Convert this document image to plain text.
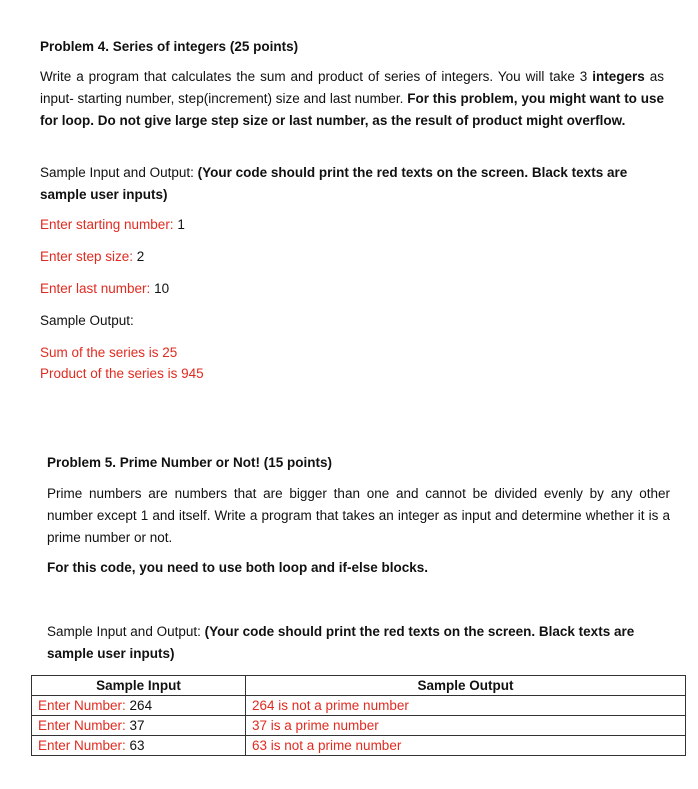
Problem 4. Series of integers (25 points)
Write a program that calculates the sum and product of series of integers. You will take 3 integers as input- starting number, step(increment) size and last number. For this problem, you might want to use for loop. Do not give large step size or last number, as the result of product might overflow.
Sample Input and Output: (Your code should print the red texts on the screen. Black texts are sample user inputs)
Enter starting number: 1
Enter step size: 2
Enter last number: 10
Sample Output:
Sum of the series is 25
Product of the series is 945
Problem 5. Prime Number or Not! (15 points)
Prime numbers are numbers that are bigger than one and cannot be divided evenly by any other number except 1 and itself. Write a program that takes an integer as input and determine whether it is a prime number or not.
For this code, you need to use both loop and if-else blocks.
Sample Input and Output: (Your code should print the red texts on the screen. Black texts are sample user inputs)
Sample Input	Sample Output
Enter Number: 264	264 is not a prime number
Enter Number: 37	37 is a prime number
Enter Number: 63	63 is not a prime number
